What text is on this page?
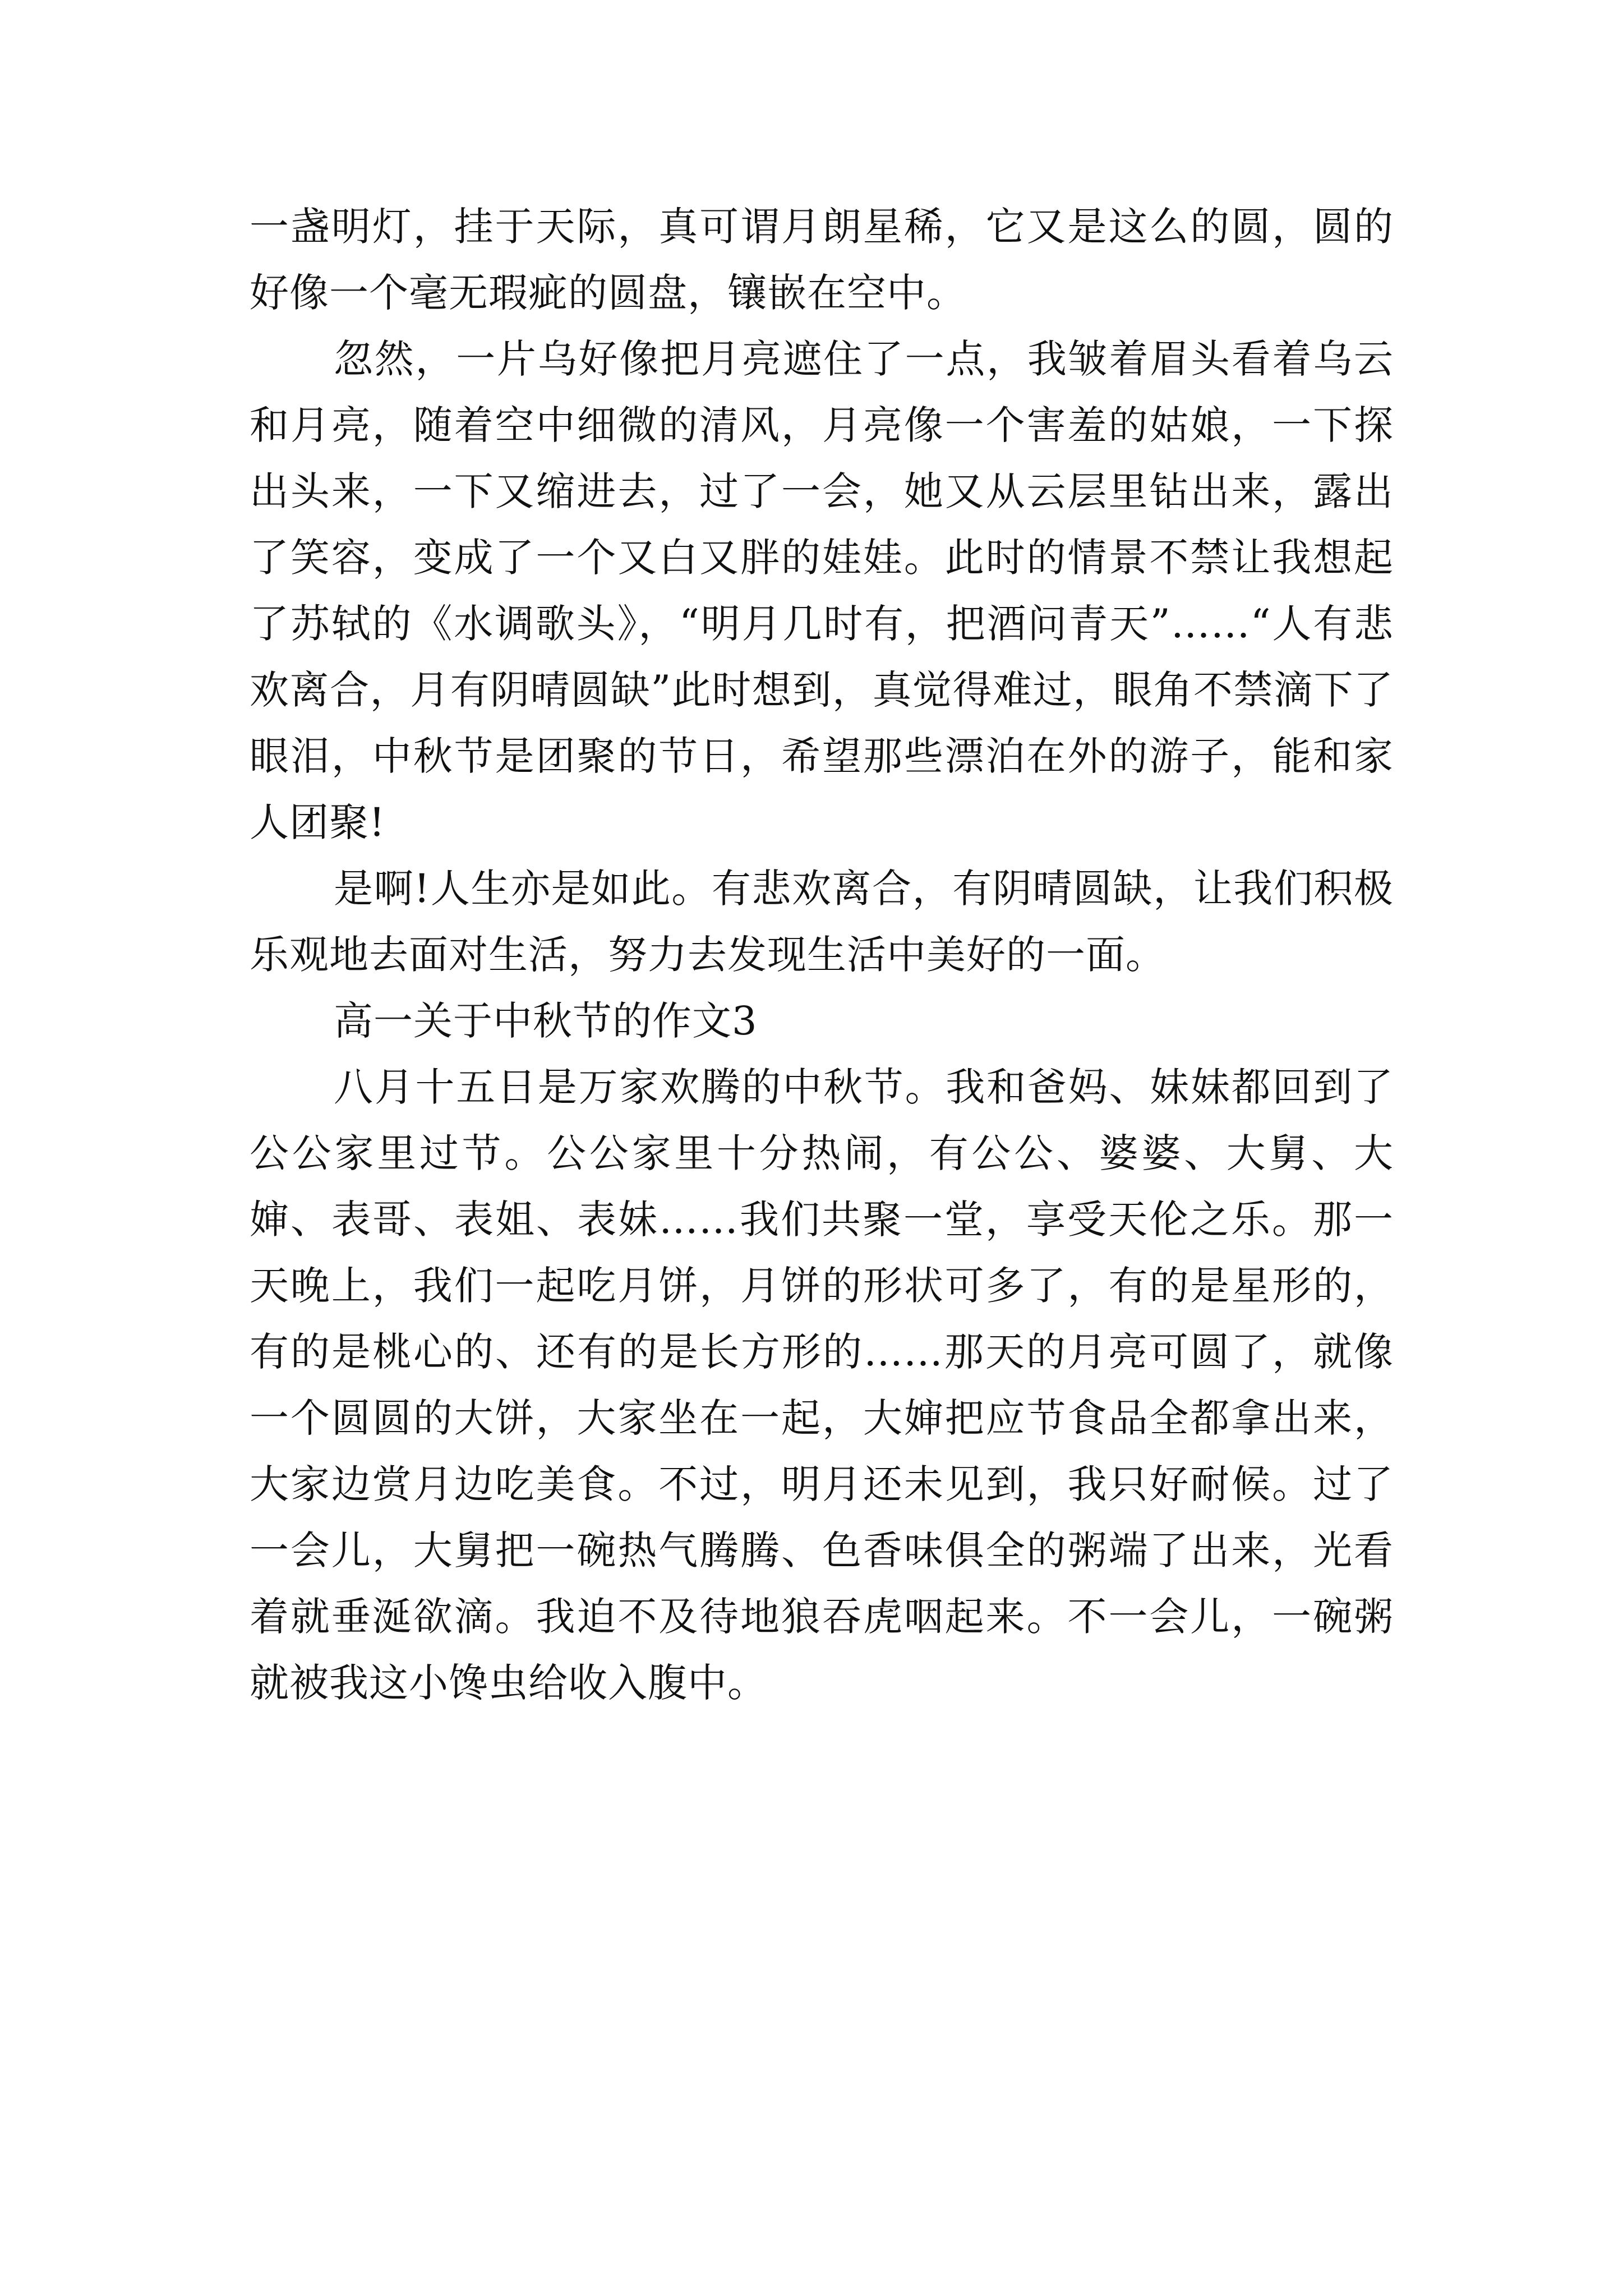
一盏明灯，挂于天际，真可谓月朗星稀，它又是这么的圆，圆的好像一个毫无瑕疵的圆盘，镶嵌在空中。

忽然，一片乌好像把月亮遮住了一点，我皱着眉头看着乌云和月亮，随着空中细微的清风，月亮像一个害羞的姑娘，一下探出头来，一下又缩进去，过了一会，她又从云层里钻出来，露出了笑容，变成了一个又白又胖的娃娃。此时的情景不禁让我想起了苏轼的《水调歌头》，“明月几时有，把酒问青天”……“人有悲欢离合，月有阴晴圆缺”此时想到，真觉得难过，眼角不禁滴下了眼泪，中秋节是团聚的节日，希望那些漂泊在外的游子，能和家人团聚!

是啊!人生亦是如此。有悲欢离合，有阴晴圆缺，让我们积极乐观地去面对生活，努力去发现生活中美好的一面。

高一关于中秋节的作文3

八月十五日是万家欢腾的中秋节。我和爸妈、妹妹都回到了公公家里过节。公公家里十分热闹，有公公、婆婆、大舅、大婶、表哥、表姐、表妹……我们共聚一堂，享受天伦之乐。那一天晚上，我们一起吃月饼，月饼的形状可多了，有的是星形的，有的是桃心的、还有的是长方形的……那天的月亮可圆了，就像一个圆圆的大饼，大家坐在一起，大婶把应节食品全都拿出来，大家边赏月边吃美食。不过，明月还未见到，我只好耐候。过了一会儿，大舅把一碗热气腾腾、色香味俱全的粥端了出来，光看着就垂涎欲滴。我迫不及待地狼吞虎咽起来。不一会儿，一碗粥就被我这小馋虫给收入腹中。
